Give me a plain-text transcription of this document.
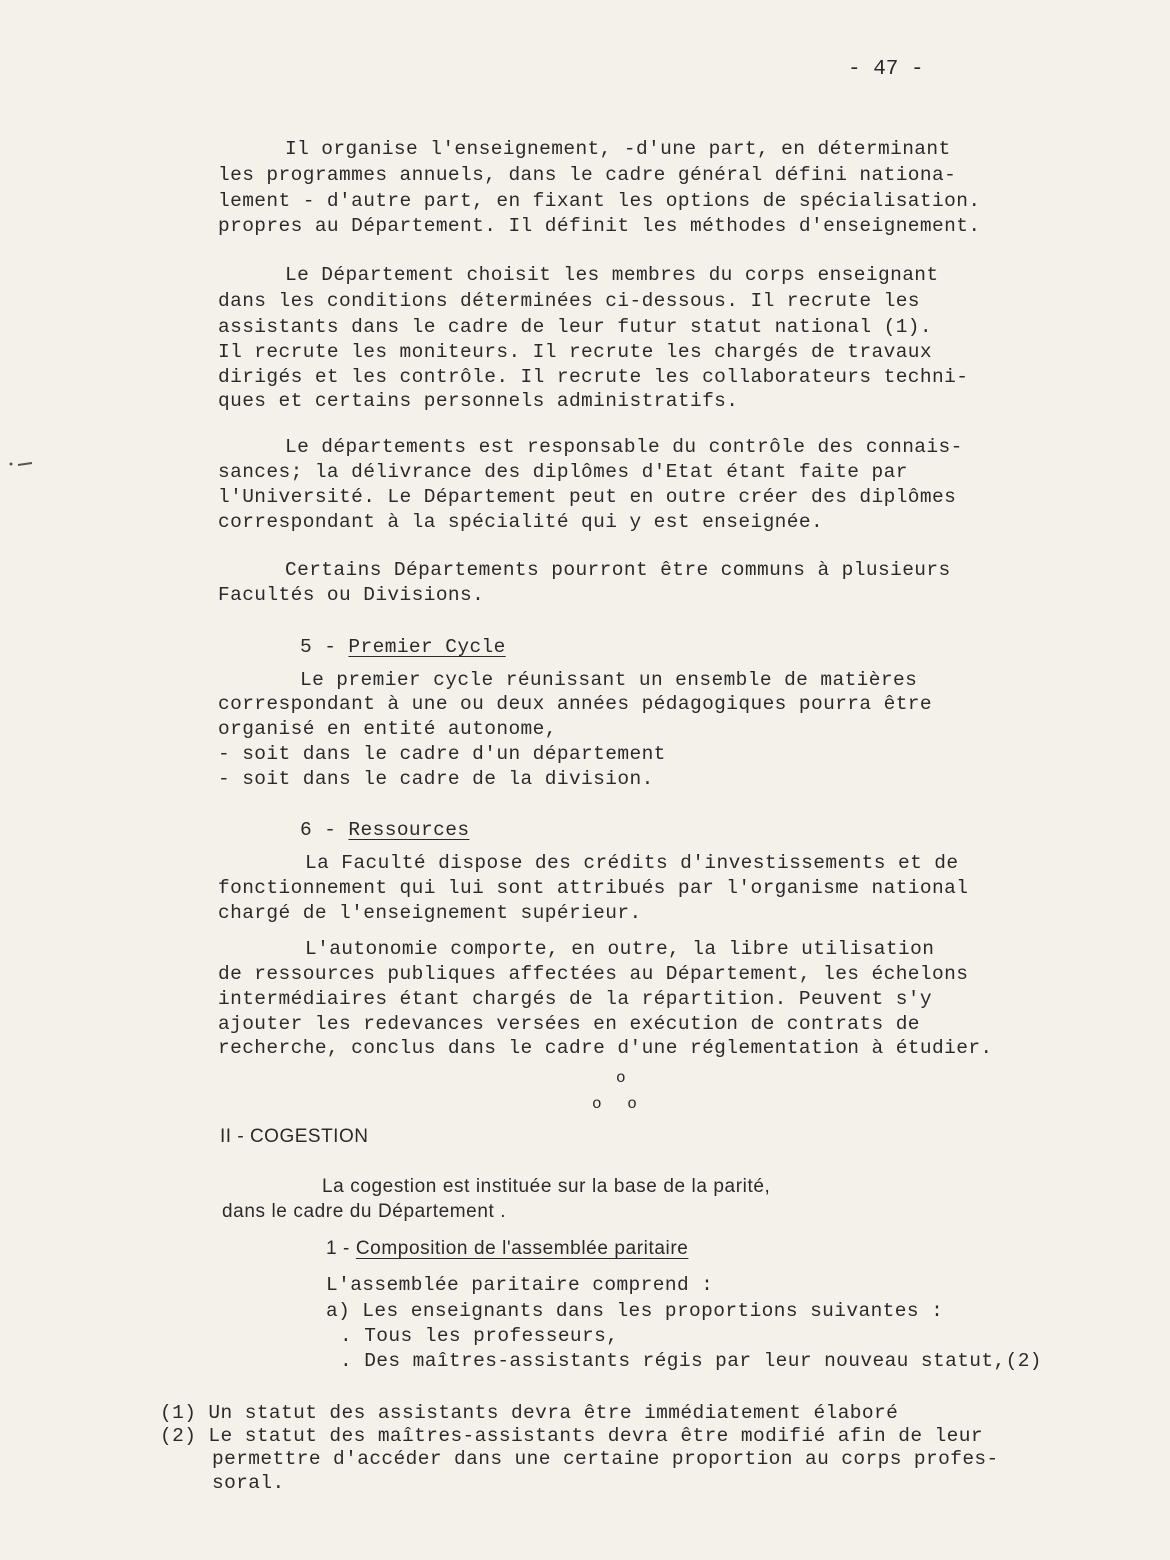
- 47 -
Il organise l'enseignement, -d'une part, en déterminant
les programmes annuels, dans le cadre général défini nationa-
lement - d'autre part, en fixant les options de spécialisation.
propres au Département. Il définit les méthodes d'enseignement.
Le Département choisit les membres du corps enseignant
dans les conditions déterminées ci-dessous. Il recrute les
assistants dans le cadre de leur futur statut national (1).
Il recrute les moniteurs. Il recrute les chargés de travaux
dirigés et les contrôle. Il recrute les collaborateurs techni-
ques et certains personnels administratifs.
Le départements est responsable du contrôle des connais-
sances; la délivrance des diplômes d'Etat étant faite par
l'Université. Le Département peut en outre créer des diplômes
correspondant à la spécialité qui y est enseignée.
Certains Départements pourront être communs à plusieurs
Facultés ou Divisions.
5 - Premier Cycle
Le premier cycle réunissant un ensemble de matières
correspondant à une ou deux années pédagogiques pourra être
organisé en entité autonome,
- soit dans le cadre d'un département
- soit dans le cadre de la division.
6 - Ressources
La Faculté dispose des crédits d'investissements et de
fonctionnement qui lui sont attribués par l'organisme national
chargé de l'enseignement supérieur.
L'autonomie comporte, en outre, la libre utilisation
de ressources publiques affectées au Département, les échelons
intermédiaires étant chargés de la répartition. Peuvent s'y
ajouter les redevances versées en exécution de contrats de
recherche, conclus dans le cadre d'une réglementation à étudier.
o
o o
II - COGESTION
La cogestion est instituée sur la base de la parité,
dans le cadre du Département .
1 - Composition de l'assemblée paritaire
L'assemblée paritaire comprend :
a) Les enseignants dans les proportions suivantes :
. Tous les professeurs,
. Des maîtres-assistants régis par leur nouveau statut,(2)
(1) Un statut des assistants devra être immédiatement élaboré
(2) Le statut des maîtres-assistants devra être modifié afin de leur
permettre d'accéder dans une certaine proportion au corps profes-
soral.
